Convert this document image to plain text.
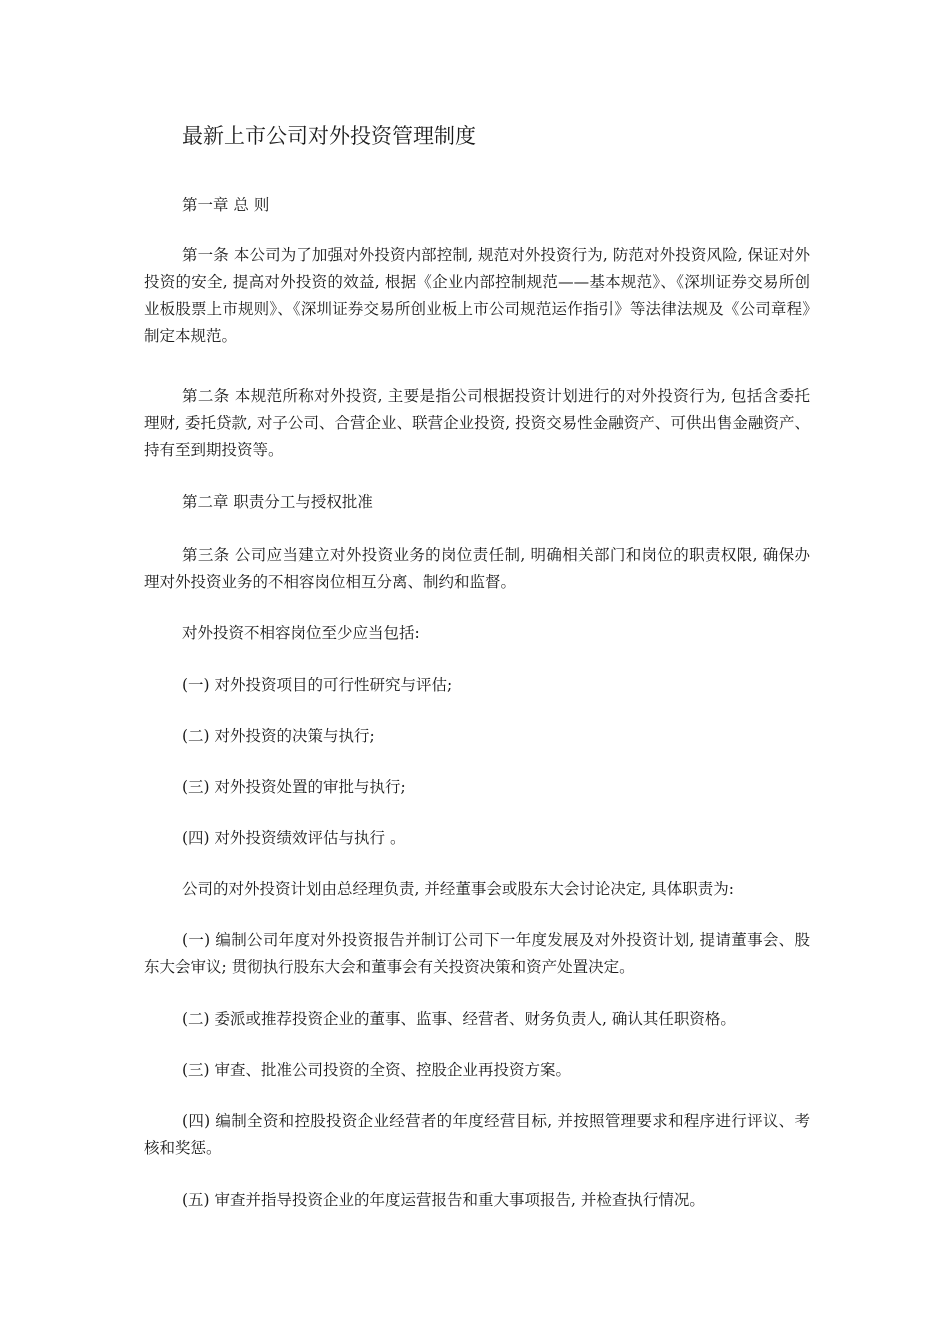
最新上市公司对外投资管理制度

第一章 总 则

第一条 本公司为了加强对外投资内部控制, 规范对外投资行为, 防范对外投资风险, 保证对外投资的安全, 提高对外投资的效益, 根据《企业内部控制规范——基本规范》、《深圳证券交易所创业板股票上市规则》、《深圳证券交易所创业板上市公司规范运作指引》等法律法规及《公司章程》制定本规范。

第二条 本规范所称对外投资, 主要是指公司根据投资计划进行的对外投资行为, 包括含委托理财, 委托贷款, 对子公司、合营企业、联营企业投资, 投资交易性金融资产、可供出售金融资产、持有至到期投资等。

第二章 职责分工与授权批准

第三条 公司应当建立对外投资业务的岗位责任制, 明确相关部门和岗位的职责权限, 确保办理对外投资业务的不相容岗位相互分离、制约和监督。

对外投资不相容岗位至少应当包括:

(一) 对外投资项目的可行性研究与评估;

(二) 对外投资的决策与执行;

(三) 对外投资处置的审批与执行;

(四) 对外投资绩效评估与执行 。

公司的对外投资计划由总经理负责, 并经董事会或股东大会讨论决定, 具体职责为:

(一) 编制公司年度对外投资报告并制订公司下一年度发展及对外投资计划, 提请董事会、股东大会审议; 贯彻执行股东大会和董事会有关投资决策和资产处置决定。

(二) 委派或推荐投资企业的董事、监事、经营者、财务负责人, 确认其任职资格。

(三) 审查、批准公司投资的全资、控股企业再投资方案。

(四) 编制全资和控股投资企业经营者的年度经营目标, 并按照管理要求和程序进行评议、考核和奖惩。

(五) 审查并指导投资企业的年度运营报告和重大事项报告, 并检查执行情况。
